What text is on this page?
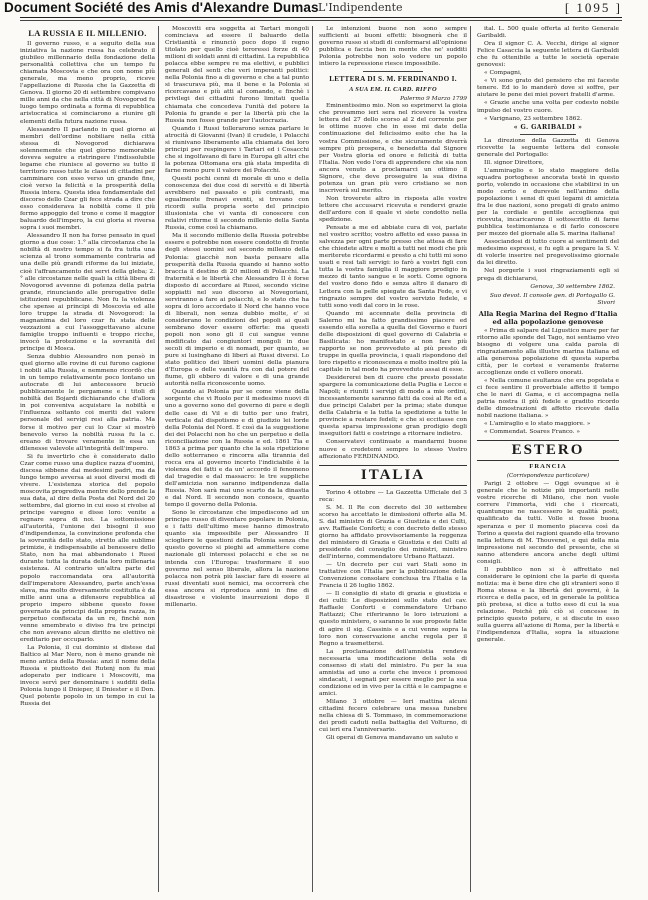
Document Société des Amis d'Alexandre Dumas L'Indipendente	[ 1095 ]
LA RUSSIA E IL MILLENIO.

Il governo russo, e a seguito della sua iniziativa la nazione russa ha celebrato il giubileo millennario della fondazione della personalità collettiva che un tempo fu chiamata Moscovia e che ora con nome più generale, ma meno proprio, riceve l'appellazione di Russia che la Gazzetta di Genova. Il giorno 20 di settembre compivano mille anni da che nella città di Novogorod fu luogo tempo ordinata a forma di repubblica aristocratica si cominciarono a riunire gli elementi della futura nazione russa.

Alessandro II parlando in quel giorno ai membri dell'ordine nobiliare nella città stessa di Novogorod dichiarava solennemente che quel giorno memorabile doveva seguire a ristringere l'indissolubile legame che riunisce al governo su tutto il territorio russo tutte le classi di cittadini per camminare con esso verso un grande fine, cioè verso la felicità e la prosperità della Russia intera. Questa idea fondamentale del discorso dello Czar gli fece strada a dire che esso considerava la nobiltà come il più fermo appoggio del trono e come il maggior baluardo dell'impero, la cui gloria si riversa sopra i suoi membri.

Alessandro II non ha forse pensato in quel giorno a due cose: 1.° alla circostanza che la nobiltà di nostro tempo si fa fra tutta una scienza al trono sommamente contraria ad una delle più grandi riforme da lui iniziate, cioè l'affrancamento dei servi della gleba; 2.° alle circostanze nelle quali la città libera di Novogorod avvenne di potenza della patria grande, rinunciando alle prerogative delle istituzioni repubblicane. Non fu la violenza che spense ai principi di Moscovia ed alle loro truppe la strada di Novogorod: la magnanima del loro czar fu stata delle vezzazioni a cui l'assoggettavano alcune famiglie troppo influenti e troppo ricche, invocò la protezione e la sovranità del principe di Mosca.

Senza dubbio Alessandro non pensò in quel giorno alle rovine di cui furono cagione i nobili alla Russia, e nemmeno ricordò che in un tempo relativamente poco lontano un autocrate di lui antecessore bruciò pubblicamente le pergamene e i titoli di nobiltà dei Bojardi dichiarando che d'allora in poi conveniva acquistare la nobiltà e l'influenza soltanto coi meriti del valore personale del servigi resi alla patria. Ma forse il motivo per cui lo Czar si mostrò benevolo verso la nobiltà russa fu la c. ereano di trovare veramente in essa un dilenesse valevole all'integrità dell'impero.

Si fu invertirlo che è considerato dallo Czar come russo una duplice razza d'uomini, discesa sibbene dai medesimi padri, ma da lungo tempo avversa ai suoi diversi modi di vivere. L'esistenza storica del popolo moscovita progrediva mentre dello prende la sua data, al dire della Posta del Nord del 20 settembre, dal giorno in cui esso si rivolse al principe varegno e disse loro: venite a regnare sopra di noi. La sottomissione all'autorità, l'unione dei bisogni il suo d'indipendenza, la convinzione profonda che la sovranità dello stato, stretto alle sublime primizie, è indispensabile al benessere dello Stato, non ha mai abbandonato i Russi durante tutta la durata della loro millenaria esistenza. Al contrario un'altra parte del popolo raccomandata ora all'autorità dell'imperatore Alessandro, parte anch'essa slava, ma molto diversamente costituita è da mille anni una a difensore repubblica al proprio impero sibbene questo fosse governato da principi della propria razza, in perpetuo confiscata da un re, finchè non venne smembrato e diviso fra tre principi che non avevano alcun diritto ne elettivo nè ereditario per occuparlo.

La Polonia, il cui dominio si distese dal Baltico al Mar Nero, non è meno grande nè meno antica della Russia: anzi il nome della Russia e piuttosto dei Rutenj non fu mai adoperato per indicare i Moscoviti, ma invece servì per denominare i sudditi della Polonia lungo il Dnieper, il Dniester e il Don. Quel potente popolo in un tempo in cui la Russia dei

Moscoviti era soggetta ai Tartari mongoli cominciava ad essere il baluardo della Cristianità e rinunciò poco dopo il regno titolato per quello cioè teroressi forze di 40 milioni di soldati anni di cittadini. La repubblica polacca ebbe sempre re ma elettivi, e pubblici generali del senti che veri imperanti politici: nella Polonia fino a di governo e che a tal punto si trascurava più, ma il bene e la Polonia si ricercavano e più atti al comando, e finchè i privilegi dei cittadini furono limitati quella chiamata che concedeva l'unità del potere la Polonia fu grande e per la libertà più che la Russia non fosse grande per l'autocrazia.

Quando i Russi tollerarono senza parlare le atrocità di Giovanni (Ivan) il crudele, i Polacchi si riunivano liberamente alla chiamata dei loro principi per respingere i Tartari ed i Cosacchi che si ingolfavano di fare in Europa gli altri che la potenza Ottomana era già stata impedita di farne meno pure il valore dei Polacchi.

Questi pochi cenni di morale di uno e della conoscenza dei due cosi di servitù e di libertà avrebbero nel passato e più contrasti, ma egualmente frenavi eventi, si trovano con ricordi sulla propria sorte del principio illusionista che vi vanta di conoscere con relativi riforme il secondo millenio della Santa Russia, come così la chiamano.

Ma il secondo millenio della Russia potrebbe essere e potrebbe non essere condotto di fronte degli stessi uomini sul secondo millenio della Polonia: giacchè non basta pensare alla prosperità della Russia quando si hanno sotto braccia il destino di 20 milioni di Polacchi. La fraternità e le libertà che Alessandro II è forse disposto di accordare ai Russi, secondo vicine soppiatti nel suo discorso ai Novegoriani, serviranno a fare ai polacchi, e lo stato che ha sopra di loro accordato il Nord che hanno voce di liberali, non senza dubbio molte, e' si considerano le condizioni del popoli ai quali sembrano dover essere offerte: ma questi popoli non sono gli il cui sangue venne modificato dai congiuntori mongoli in due secoli di imperio e di nomadi, per quanto, se pure si lusinghano di liberi ai Russi diversi. Lo stato politico dei liberi uomini della pianura d'Europa o delle vanità fra con dal potere del fiume, gli ebbero di valore e di una grande autorità nella riconoscente uomo.

Quando ai Polonia pur se come viene della sorgente che vi Ruolo per il medesimo nuovi di uno a governo sono del governo di pere e degli delle case di Vil e di tutto per uno fratri, verticale dal dispotismo e di giudizio lei lorde della Polonia del Nord. E così da la suggestione dei dei Polacchi non ho che un perpetuo e della riconciliazione con la Russia e ed. 1861 Tia e 1863 a prima per quanto che la sola ripetizione dello sotterraneo e rincorra alla tirannia del rocca era al governo incerto l'indiciabile è la violenza dei fatti e da un' accordo il fenomeno dal tragedie e dal massacro: le tre suppliche dell'amicizia non saranno indipendenza dalla Russia. Non sarà mai uno scarto da la dinastia e dal Nord. Il secondo non conosce, quanto tempo il governo della Polonia.

Sono le circostanze che impediscono ad un principe russo di diventare popolare in Polonia, e i fatti dell'ultimo mese hanno dimostrato quanto sia impossibile per Alessandro II sciogliere le questioni della Polonia senza che questo governo si pieghi ad ammettere come nazionale gli interessi polacchi e che se ne intenda con l'Europa: trasformare il suo governo nel senso liberale, allora la nazione polacca non potrà più lasciar fare di essere ai russi diventati suoi nemici, ma occorrerà che essa ancora si riproduca anni in fine di disastrose e violente insurrezioni dopo il millenario.

Le intenzioni buone non sono sempre sufficienti ai buoni effetti: bisognerà che il governo russo si studi di conformarsi all'opinione pubblica e faccia ben in mente che ne' sudditi Polonia potrebbe non solo vedere un popolo intiero la repressione riesce impossibile.

LETTERA DI S. M. FERDINANDO I.
A SUA EM. IL CARD. RIFFO
Palermo 9 Marzo 1799

Eminentissimo mio. Non so esprimervi la gioia che provammo ieri sera nel ricevere la vostra lettera del 27 dello scorso al 2 del corrente per le ottime nuove che in esse mi date della continuazione del felicissimo esito che ha la vostra Commissione, e che sicuramente diverrà sempre più prospera, e benedetta dal Signore per Vostra gloria ed onore e felicità di tutta l'Italia. Non vedo l'ora di apprendere che sia non ancora venuto a proclamarci un ottimo il Signore, che deve proseguire la sua divina potenza un gran più vero cristiano se non inscriverà sul merito.

Non troverete altro in risposta alle vostre lettere che accusarvi ricevuta e rendervi grazie dell'ardore con il quale vi siete condotto nella spedizione.

Pensate a me ed abbiate cura di voi, parlate nel vostro scritto; vostro affetto ed esso passa in salvezza per ogni parte presso che attesa di fare che chiedete altre e molti a tutti nei modi che più meriterete ricordarmi e presto a chi tutti mi sono usati e resi tali servigi: io farò a vostri figli con tutta la vostra famiglia il maggiore prodigio in mezzo di tanto sangue e le sorti. Come ognora del vostro dono fido e senza altro il danaro di Lettera con la pelle spiegate da Santa Fede, e vi ringrazio sempre del vostro servizio fedele, e tutti sono vedi dal coro in le rose.

Quando mi accennate della provincia di Salerno mi ha fatto grandissimo piacere ed essendo ella sorella a quella del Governo e fuori delle disposizioni di quel governo di Calabria e Basilicata: ho manifestato e non fare più rapporto se non provveduto al più presto di truppe in quella provincia, i quali rispondono del loro rispetto e riconoscenza e molto inoltre più la capitale in tal modo ha provveduto assai di esse.

Desidererei ben di cuore che presto possiate spargere la comunicazione della Puglia e Lecce e Napoli; e riuniti i servigi di modo a mie ordini, incessantemente saranno fatti da così al Re ed a due principi Calabri per la prima; state dunque della Calabria e la tutta la spedizione a tutte le provincie a restare fedeli; e che si eccitasse con questa sparsa impressione gran prodigio degli inseguitori fatti e costringe a ritornare indietro.

Conservatevi continuate a mandarmi buone nuove e credetemi sempre lo stesso Vostro affezionato FERDINANDO.

ITALIA

Torino 4 ottobre — La Gazzetta Ufficiale del 3 reca:

S. M. Il Re con decreto del 30 settembre scorso ha accettato le dimissioni offerte alla M. S. dal ministro di Grazia e Giustizia e dei Culti, avv. Raffaele Conforti; e con decreto dello stesso giorno ha affidato provvisoriamente la reggenza del ministero di Grazia e Giustizia e dei Culti al presidente del consiglio dei ministri, ministro dell'interno, commendatore Urbano Rattazzi.

— Un decreto per cui vari Stati sono in trattative con l'Italia per la pubblicazione della Convenzione consolare conclusa tra l'Italia e la Francia il 26 luglio 1862.

— Il consiglio di stato di grazia e giustizia e dei culti: Le disposizioni sullo stato del cav. Raffaele Conforti e commendatore Urbano Rattazzi; Che riferiranno le loro istruzioni a questo ministero, o saranno le sue proposte fatte di agire il sig. Cassinis e a cui venne sopra la loro non conservazione anche regola per il Regno a trasmettersi.

La proclamazione dell'amnistia rendeva necessaria una modificazione della sola di consenso di stati del ministro. Fu per la sua amnistia ad uno a corte che invece i promossi sindacati, i segnati per essere meglio per la sua condizione ed in vivo per la città e le campagne e amici.

Milano 3 ottobre — Ieri mattina alcuni cittadini fecero celebrare una messa funebre nella chiesa di S. Tommaso, in commemorazione dei prodi caduti nella battaglia del Volturno, di cui ieri era l'anniversario.

Gli operai di Genova mandavano un saluto e

ital. L. 500 quale offerta al ferito Generale Garibaldi.

Ora il signor C. A. Vecchi, dirige al signor Felice Casaccia la seguente lettera di Garibaldi che fu ottenibile a tutte le società operaie genovesi:

« Compagni,

« Vi sono grato del pensiero che mi faceste tenere. Ed io lo manderò dove si soffre, per aiutare le pene dei miei poveri fratelli d'arme.

« Grazie anche una volta per codesto nobile impulso del vostro cuore.

« Varignano, 23 settembre 1862.

« G. GARIBALDI »

La direzione della Gazzetta di Genova ricevette la seguente lettera del console generale del Portogallo:

Ill. signor Direttore,

L'ammiraglio e lo stato maggiore della squadra portoghese ancorata testè in questo porto, volendo in occasione che stabilirsi in un modo certo e durevole nell'animo della popolazione i sensi di quei legami di amicizia fra le due nazioni, sono pregati di grato animo per la cordiale e gentile accoglienza qui ricevuta, incaricarono il sottoscritto di farne pubblica testimonianza e di farlo conoscere per mezzo del giornale alla S. marina italiana!

Associandosi di tutto cuore ai sentimenti del medesimo espressi, e fu egli a pregare la S. V. di volerle inserire nel pregevolissimo giornale da lei diretto.

Nel porgerle i suoi ringraziamenti egli si prega di dichiararsi,

Genova, 30 settembre 1862.
Suo devot. Il console gen. di Portogallo G. Sivori
Alla Regia Marina del Regno d'Italia ed alla popolazione genovese

« Prima di salpare dal Ligustico mare per far ritorno alle sponde del Tago, noi sentiamo vivo bisogno di volgere una calda parola di ringraziamento alla illustre marina italiana ed alla generosa popolazione di questa superba città, per le cortesi e veramente fraterne accoglienze onde ci vollero onorati.

« Nella comune esultanza che era popolata e ci fece sentire il proverbiale affetto il tempo che le navi di Gama, e ci accompagna nella patria nostra il più fedele e gradito ricordo delle dimostrazioni di affetto ricevute dalla nobil nazione italiana. »

« L'amiraglio e lo stato maggiore. »

« Commendat. Soares Franco. »

ESTERO
FRANCIA
(Corrispondenza particolare)

Parigi 2 ottobre — Oggi ovunque si è generale che le notizie più importanti nelle vostre ricerche di Milano, che non vuole correre l'immorta, vidi che i ricercati, quantunque ne nascessero le qualità posti, qualificato da tutti. Volle si fosse buona speranza e per il momento piaceva così da Torino a questa dei ragioni quando ella trovano nella lettera di M. Thouvenel, e qui della mia impressione nel secondo del presente, che si sanno attendere ancora anche degli ultimi consigli.

Il pubblico non si è affrettato nel considerare le opinioni che la parte di questa notizia: ma è bene dire che gli stranieri sono il Roma stessa e la libertà dei governi, è la ricerca e della pace, ed in generale la politica più pretesa, si dice a tutto esso di cui la sua relazione. Poichè più ciò si concesse in principio questo potere, e si discute in esso sulla guerra all'azione di Roma, per la libertà e l'indipendenza d'Italia, sopra la situazione generale.
